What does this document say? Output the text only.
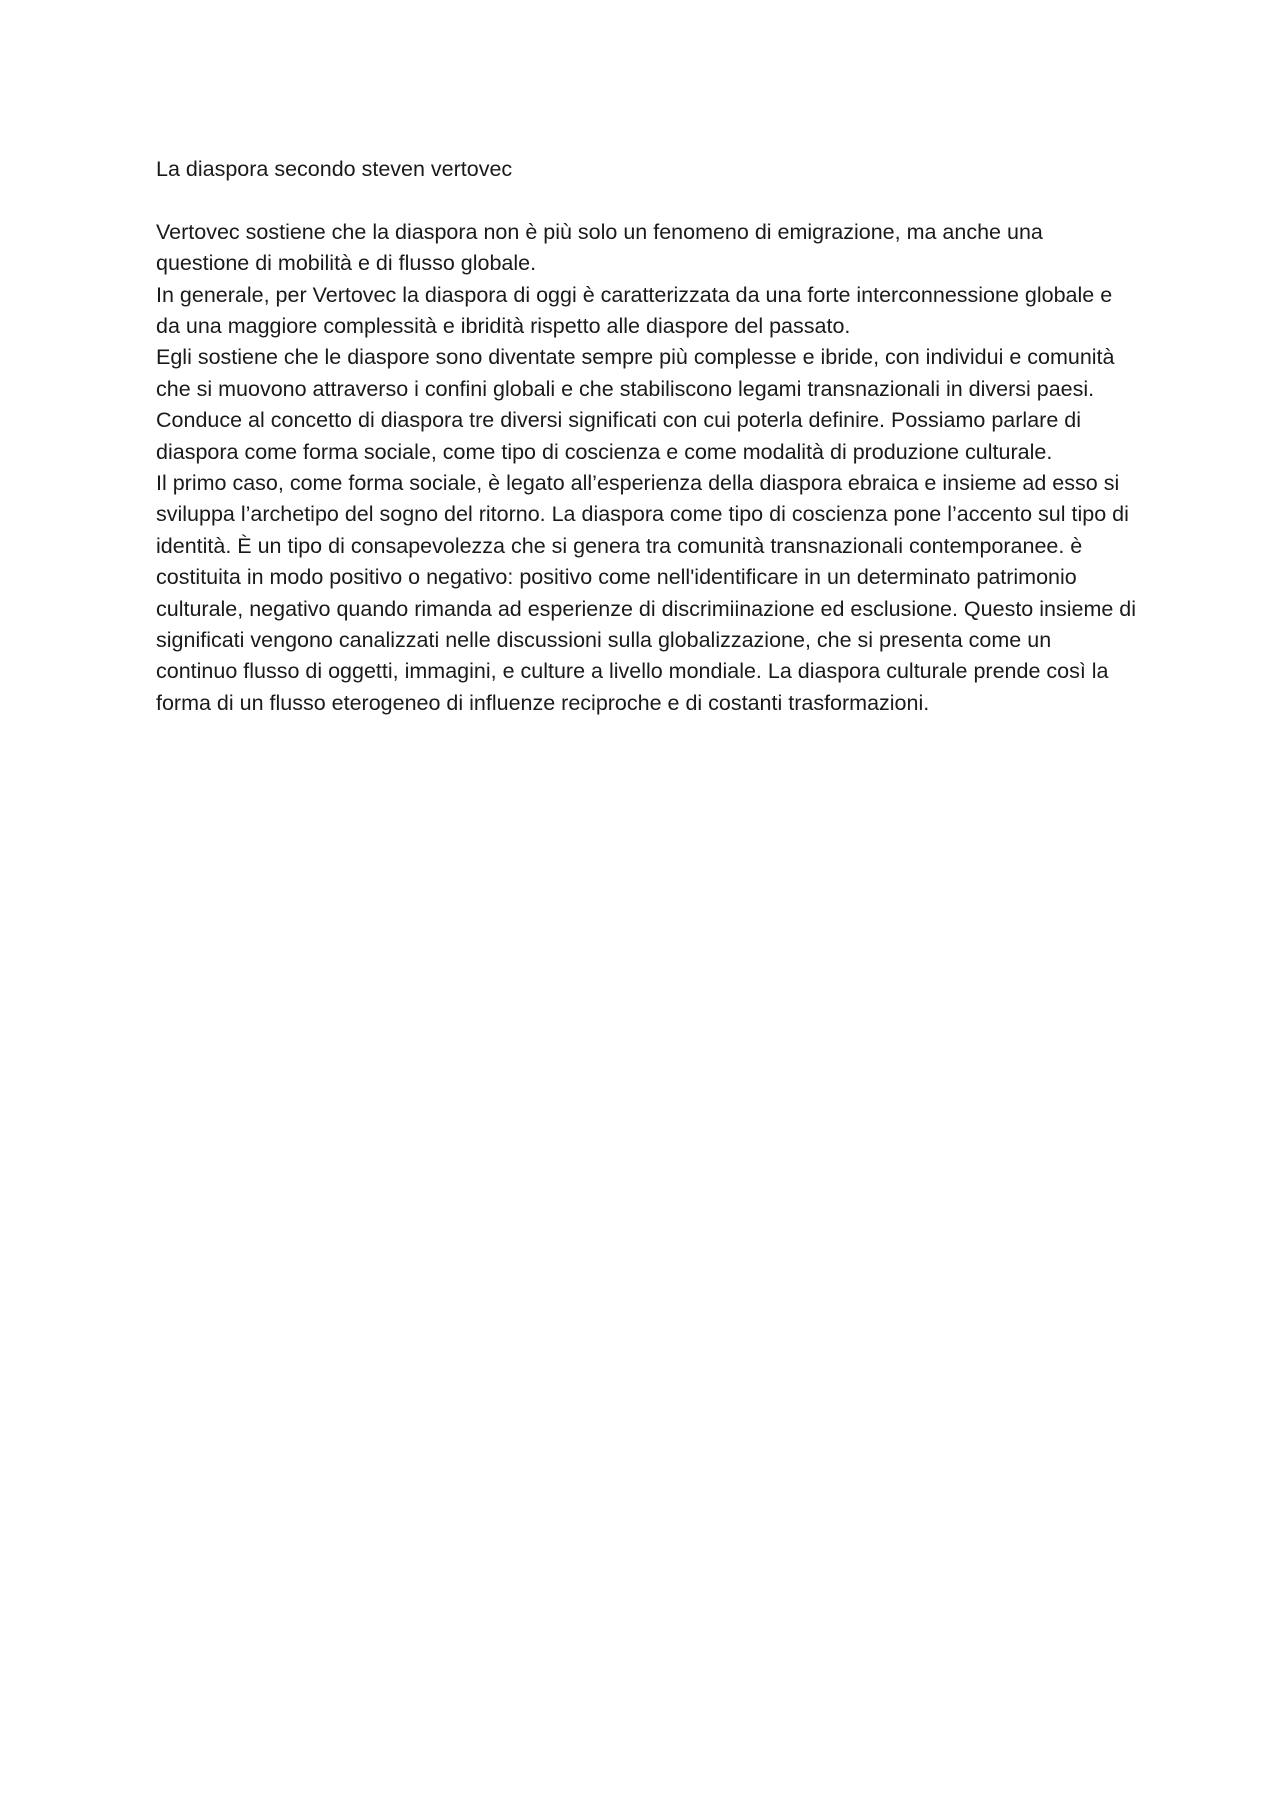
La diaspora secondo steven vertovec

Vertovec sostiene che la diaspora non è più solo un fenomeno di emigrazione, ma anche una questione di mobilità e di flusso globale.

In generale, per Vertovec la diaspora di oggi è caratterizzata da una forte interconnessione globale e da una maggiore complessità e ibridità rispetto alle diaspore del passato.

Egli sostiene che le diaspore sono diventate sempre più complesse e ibride, con individui e comunità che si muovono attraverso i confini globali e che stabiliscono legami transnazionali in diversi paesi.

Conduce al concetto di diaspora tre diversi significati con cui poterla definire. Possiamo parlare di diaspora come forma sociale, come tipo di coscienza e come modalità di produzione culturale.

Il primo caso, come forma sociale, è legato all’esperienza della diaspora ebraica e insieme ad esso si sviluppa l’archetipo del sogno del ritorno. La diaspora come tipo di coscienza pone l’accento sul tipo di identità. È un tipo di consapevolezza che si genera tra comunità transnazionali contemporanee. è costituita in modo positivo o negativo: positivo come nell'identificare in un determinato patrimonio culturale, negativo quando rimanda ad esperienze di discrimiinazione ed esclusione. Questo insieme di significati vengono canalizzati nelle discussioni sulla globalizzazione, che si presenta come un continuo flusso di oggetti, immagini, e culture a livello mondiale. La diaspora culturale prende così la forma di un flusso eterogeneo di influenze reciproche e di costanti trasformazioni.
